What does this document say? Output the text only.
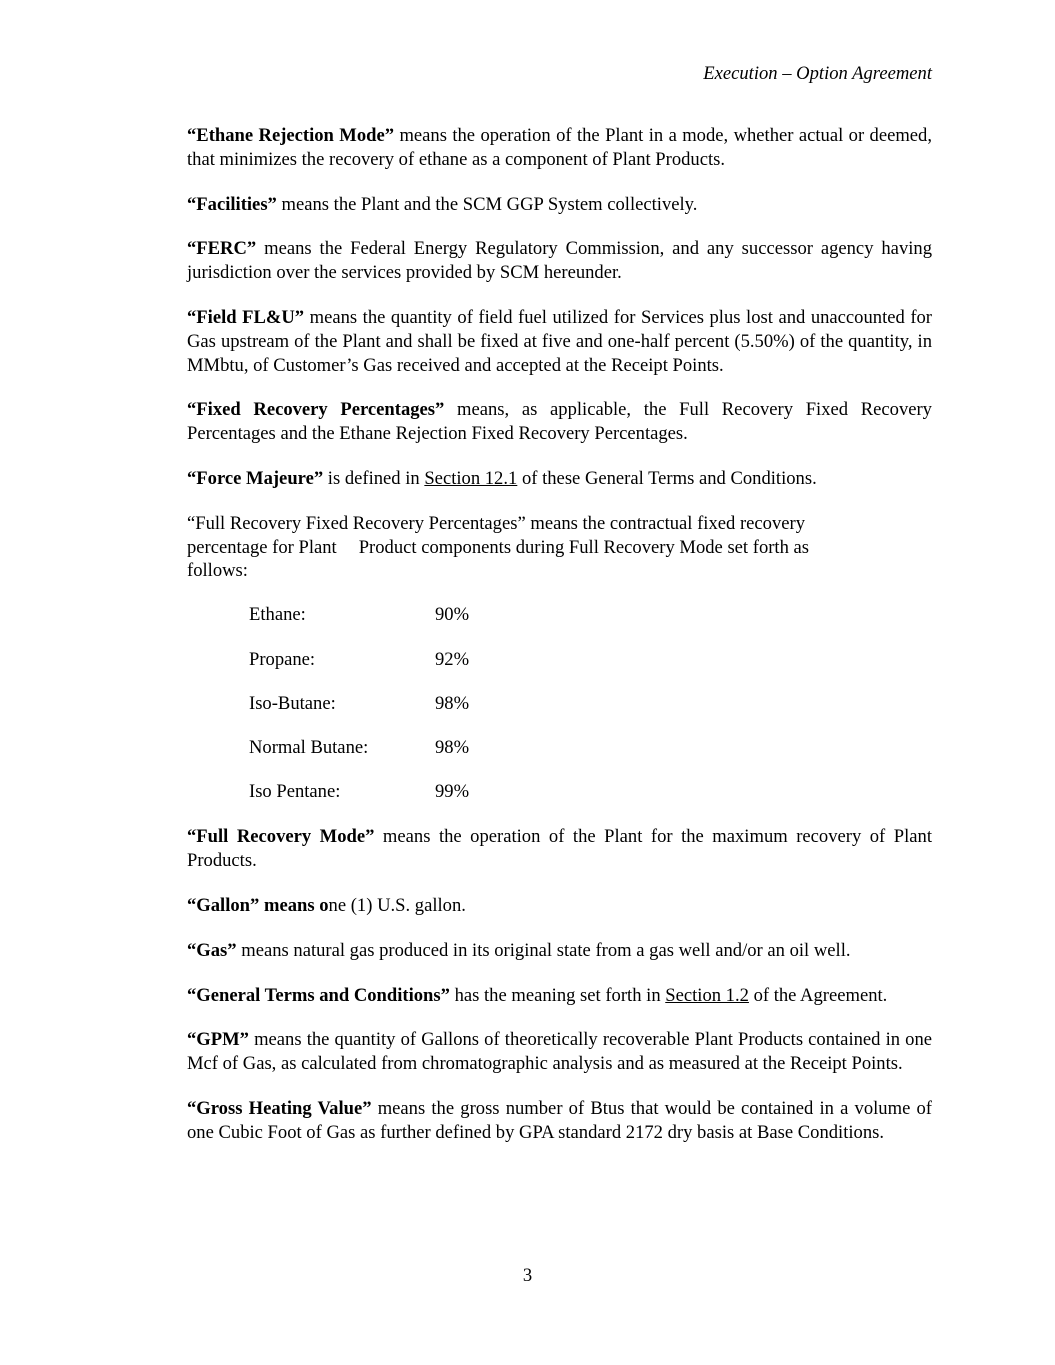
Execution – Option Agreement

“Ethane Rejection Mode” means the operation of the Plant in a mode, whether actual or deemed, that minimizes the recovery of ethane as a component of Plant Products.

“Facilities” means the Plant and the SCM GGP System collectively.

“FERC” means the Federal Energy Regulatory Commission, and any successor agency having jurisdiction over the services provided by SCM hereunder.

“Field FL&U” means the quantity of field fuel utilized for Services plus lost and unaccounted for Gas upstream of the Plant and shall be fixed at five and one-half percent (5.50%) of the quantity, in MMbtu, of Customer’s Gas received and accepted at the Receipt Points.

“Fixed Recovery Percentages” means, as applicable, the Full Recovery Fixed Recovery Percentages and the Ethane Rejection Fixed Recovery Percentages.

“Force Majeure” is defined in Section 12.1 of these General Terms and Conditions.

“Full Recovery Fixed Recovery Percentages” means the contractual fixed recovery

percentage for Plant Product components during Full Recovery Mode set forth as

follows:

Ethane:	90%
Propane:	92%
Iso-Butane:	98%
Normal Butane:	98%
Iso Pentane:	99%

“Full Recovery Mode” means the operation of the Plant for the maximum recovery of Plant Products.

“Gallon” means one (1) U.S. gallon.

“Gas” means natural gas produced in its original state from a gas well and/or an oil well.

“General Terms and Conditions” has the meaning set forth in Section 1.2 of the Agreement.

“GPM” means the quantity of Gallons of theoretically recoverable Plant Products contained in one Mcf of Gas, as calculated from chromatographic analysis and as measured at the Receipt Points.

“Gross Heating Value” means the gross number of Btus that would be contained in a volume of one Cubic Foot of Gas as further defined by GPA standard 2172 dry basis at Base Conditions.

3
